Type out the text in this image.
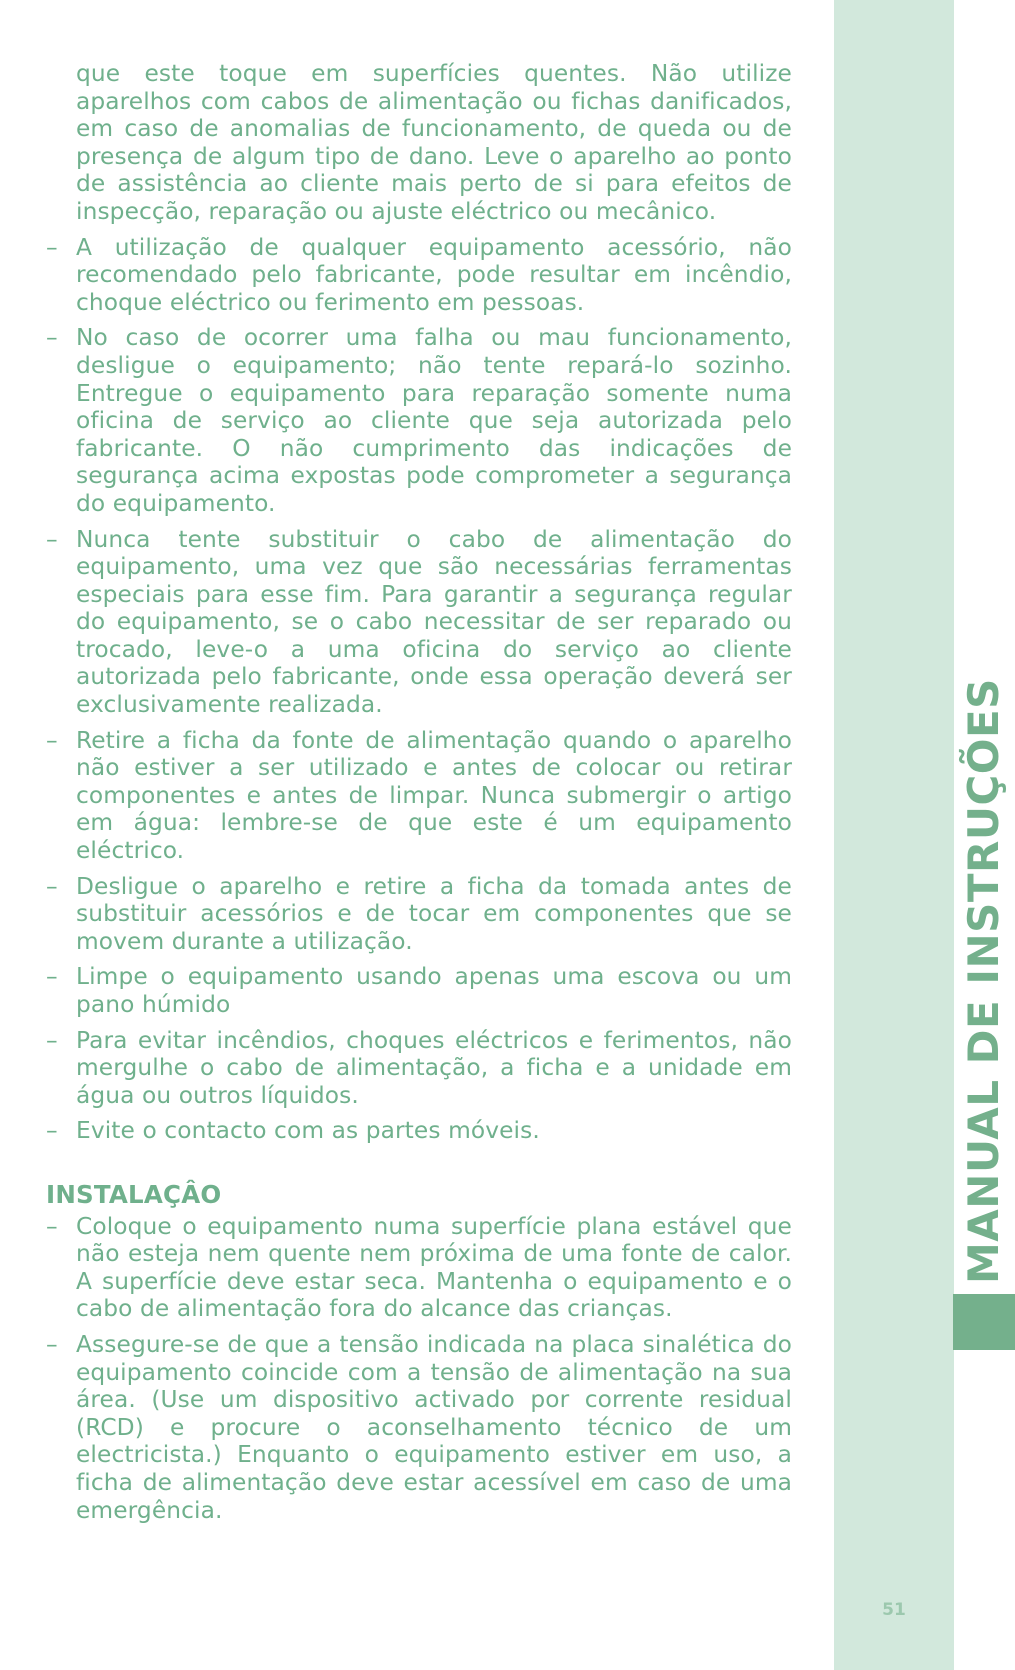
que este toque em superfícies quentes. Não utilize aparelhos com cabos de alimentação ou fichas danificados, em caso de anomalias de funcionamento, de queda ou de presença de algum tipo de dano. Leve o aparelho ao ponto de assistência ao cliente mais perto de si para efeitos de inspecção, reparação ou ajuste eléctrico ou mecânico.

– A utilização de qualquer equipamento acessório, não recomendado pelo fabricante, pode resultar em incêndio, choque eléctrico ou ferimento em pessoas.
– No caso de ocorrer uma falha ou mau funcionamento, desligue o equipamento; não tente repará-lo sozinho. Entregue o equipamento para reparação somente numa oficina de serviço ao cliente que seja autorizada pelo fabricante. O não cumprimento das indicações de segurança acima expostas pode comprometer a segurança do equipamento.
– Nunca tente substituir o cabo de alimentação do equipamento, uma vez que são necessárias ferramentas especiais para esse fim. Para garantir a segurança regular do equipamento, se o cabo necessitar de ser reparado ou trocado, leve-o a uma oficina do serviço ao cliente autorizada pelo fabricante, onde essa operação deverá ser exclusivamente realizada.
– Retire a ficha da fonte de alimentação quando o aparelho não estiver a ser utilizado e antes de colocar ou retirar componentes e antes de limpar. Nunca submergir o artigo em água: lembre-se de que este é um equipamento eléctrico.
– Desligue o aparelho e retire a ficha da tomada antes de substituir acessórios e de tocar em componentes que se movem durante a utilização.
– Limpe o equipamento usando apenas uma escova ou um pano húmido
– Para evitar incêndios, choques eléctricos e ferimentos, não mergulhe o cabo de alimentação, a ficha e a unidade em água ou outros líquidos.
– Evite o contacto com as partes móveis.
INSTALAÇÂO
– Coloque o equipamento numa superfície plana estável que não esteja nem quente nem próxima de uma fonte de calor. A superfície deve estar seca. Mantenha o equipamento e o cabo de alimentação fora do alcance das crianças.
– Assegure-se de que a tensão indicada na placa sinalética do equipamento coincide com a tensão de alimentação na sua área. (Use um dispositivo activado por corrente residual (RCD) e procure o aconselhamento técnico de um electricista.) Enquanto o equipamento estiver em uso, a ficha de alimentação deve estar acessível em caso de uma emergência.
MANUAL DE INSTRUÇÕES
51
